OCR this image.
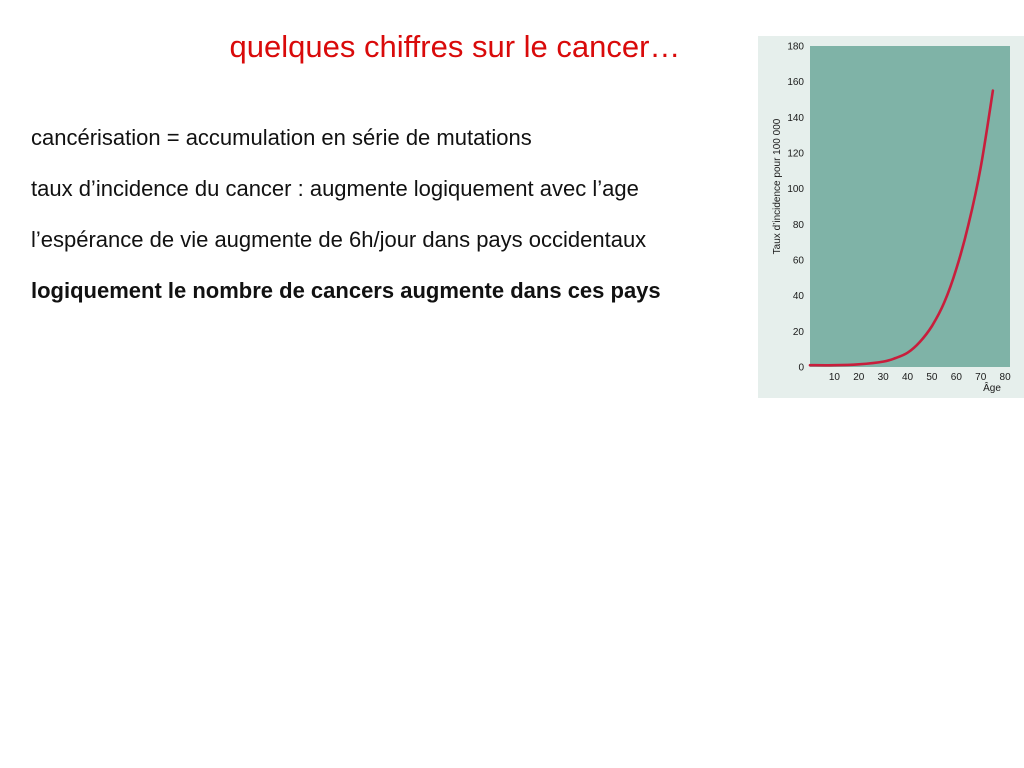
quelques chiffres sur le cancer…
cancérisation = accumulation en série de mutations
taux d’incidence du cancer : augmente logiquement avec l’age
l’espérance de vie augmente de 6h/jour dans pays occidentaux
logiquement le nombre de cancers augmente dans ces pays
0
20
40
60
80
100
120
140
160
180
10 20 30 40 50 60 70 80
Âge
Taux d’incidence pour 100 000
